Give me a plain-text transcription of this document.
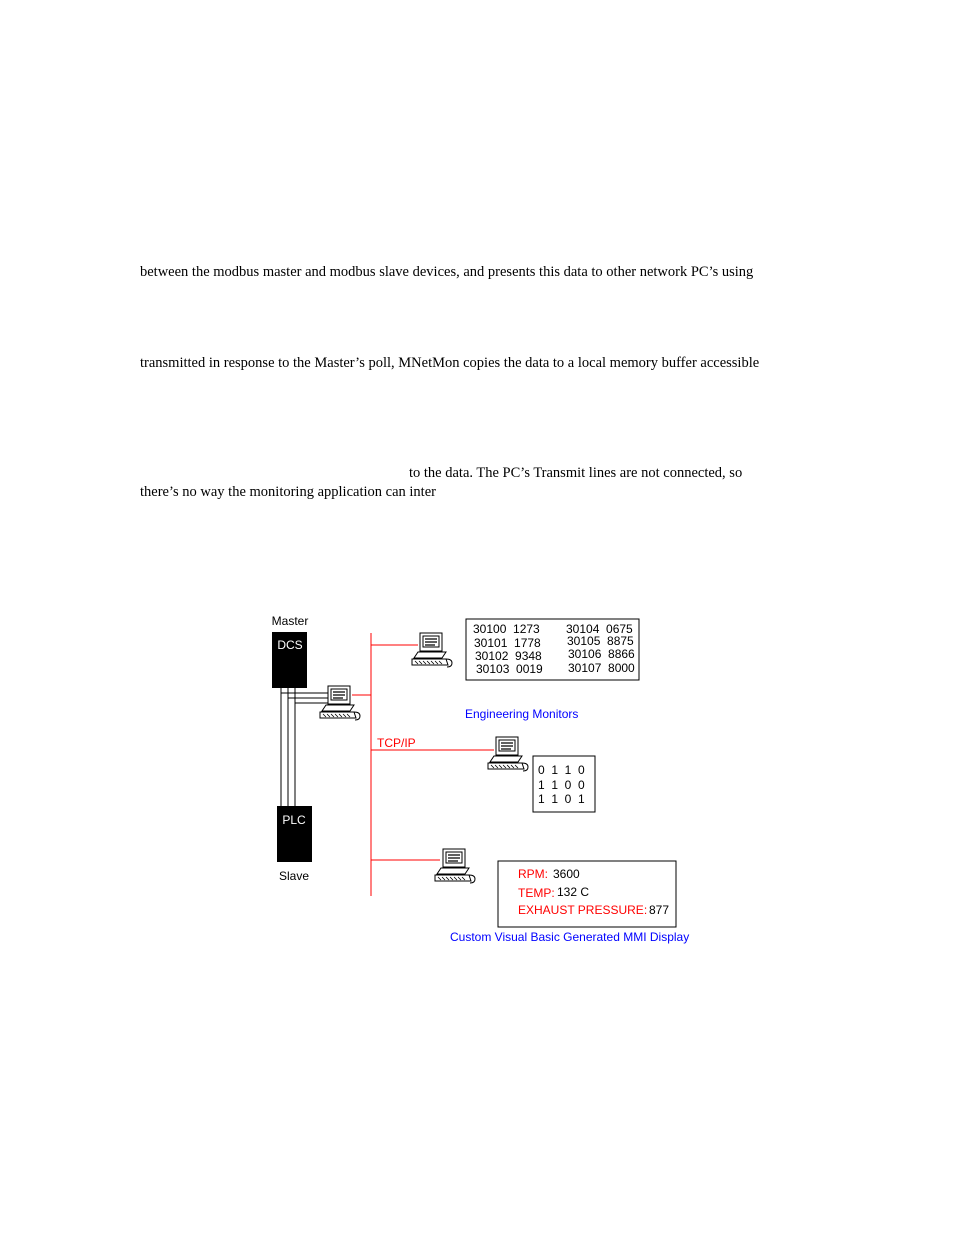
between the modbus master and modbus slave devices, and presents this data to other network PC’s using
transmitted in response to the Master’s poll, MNetMon copies the data to a local memory buffer accessible
to the data. The PC’s Transmit lines are not connected, so
there’s no way the monitoring application can inter
Master
DCS
PLC
Slave
TCP/IP
30100  1273 30104  0675
30101  1778 30105  8875
30102  9348 30106  8866
30103  0019 30107  8000
Engineering Monitors
0  1  1  0
1  1  0  0
1  1  0  1
RPM: 3600
TEMP: 132 C
EXHAUST PRESSURE: 877
Custom Visual Basic Generated MMI Display
